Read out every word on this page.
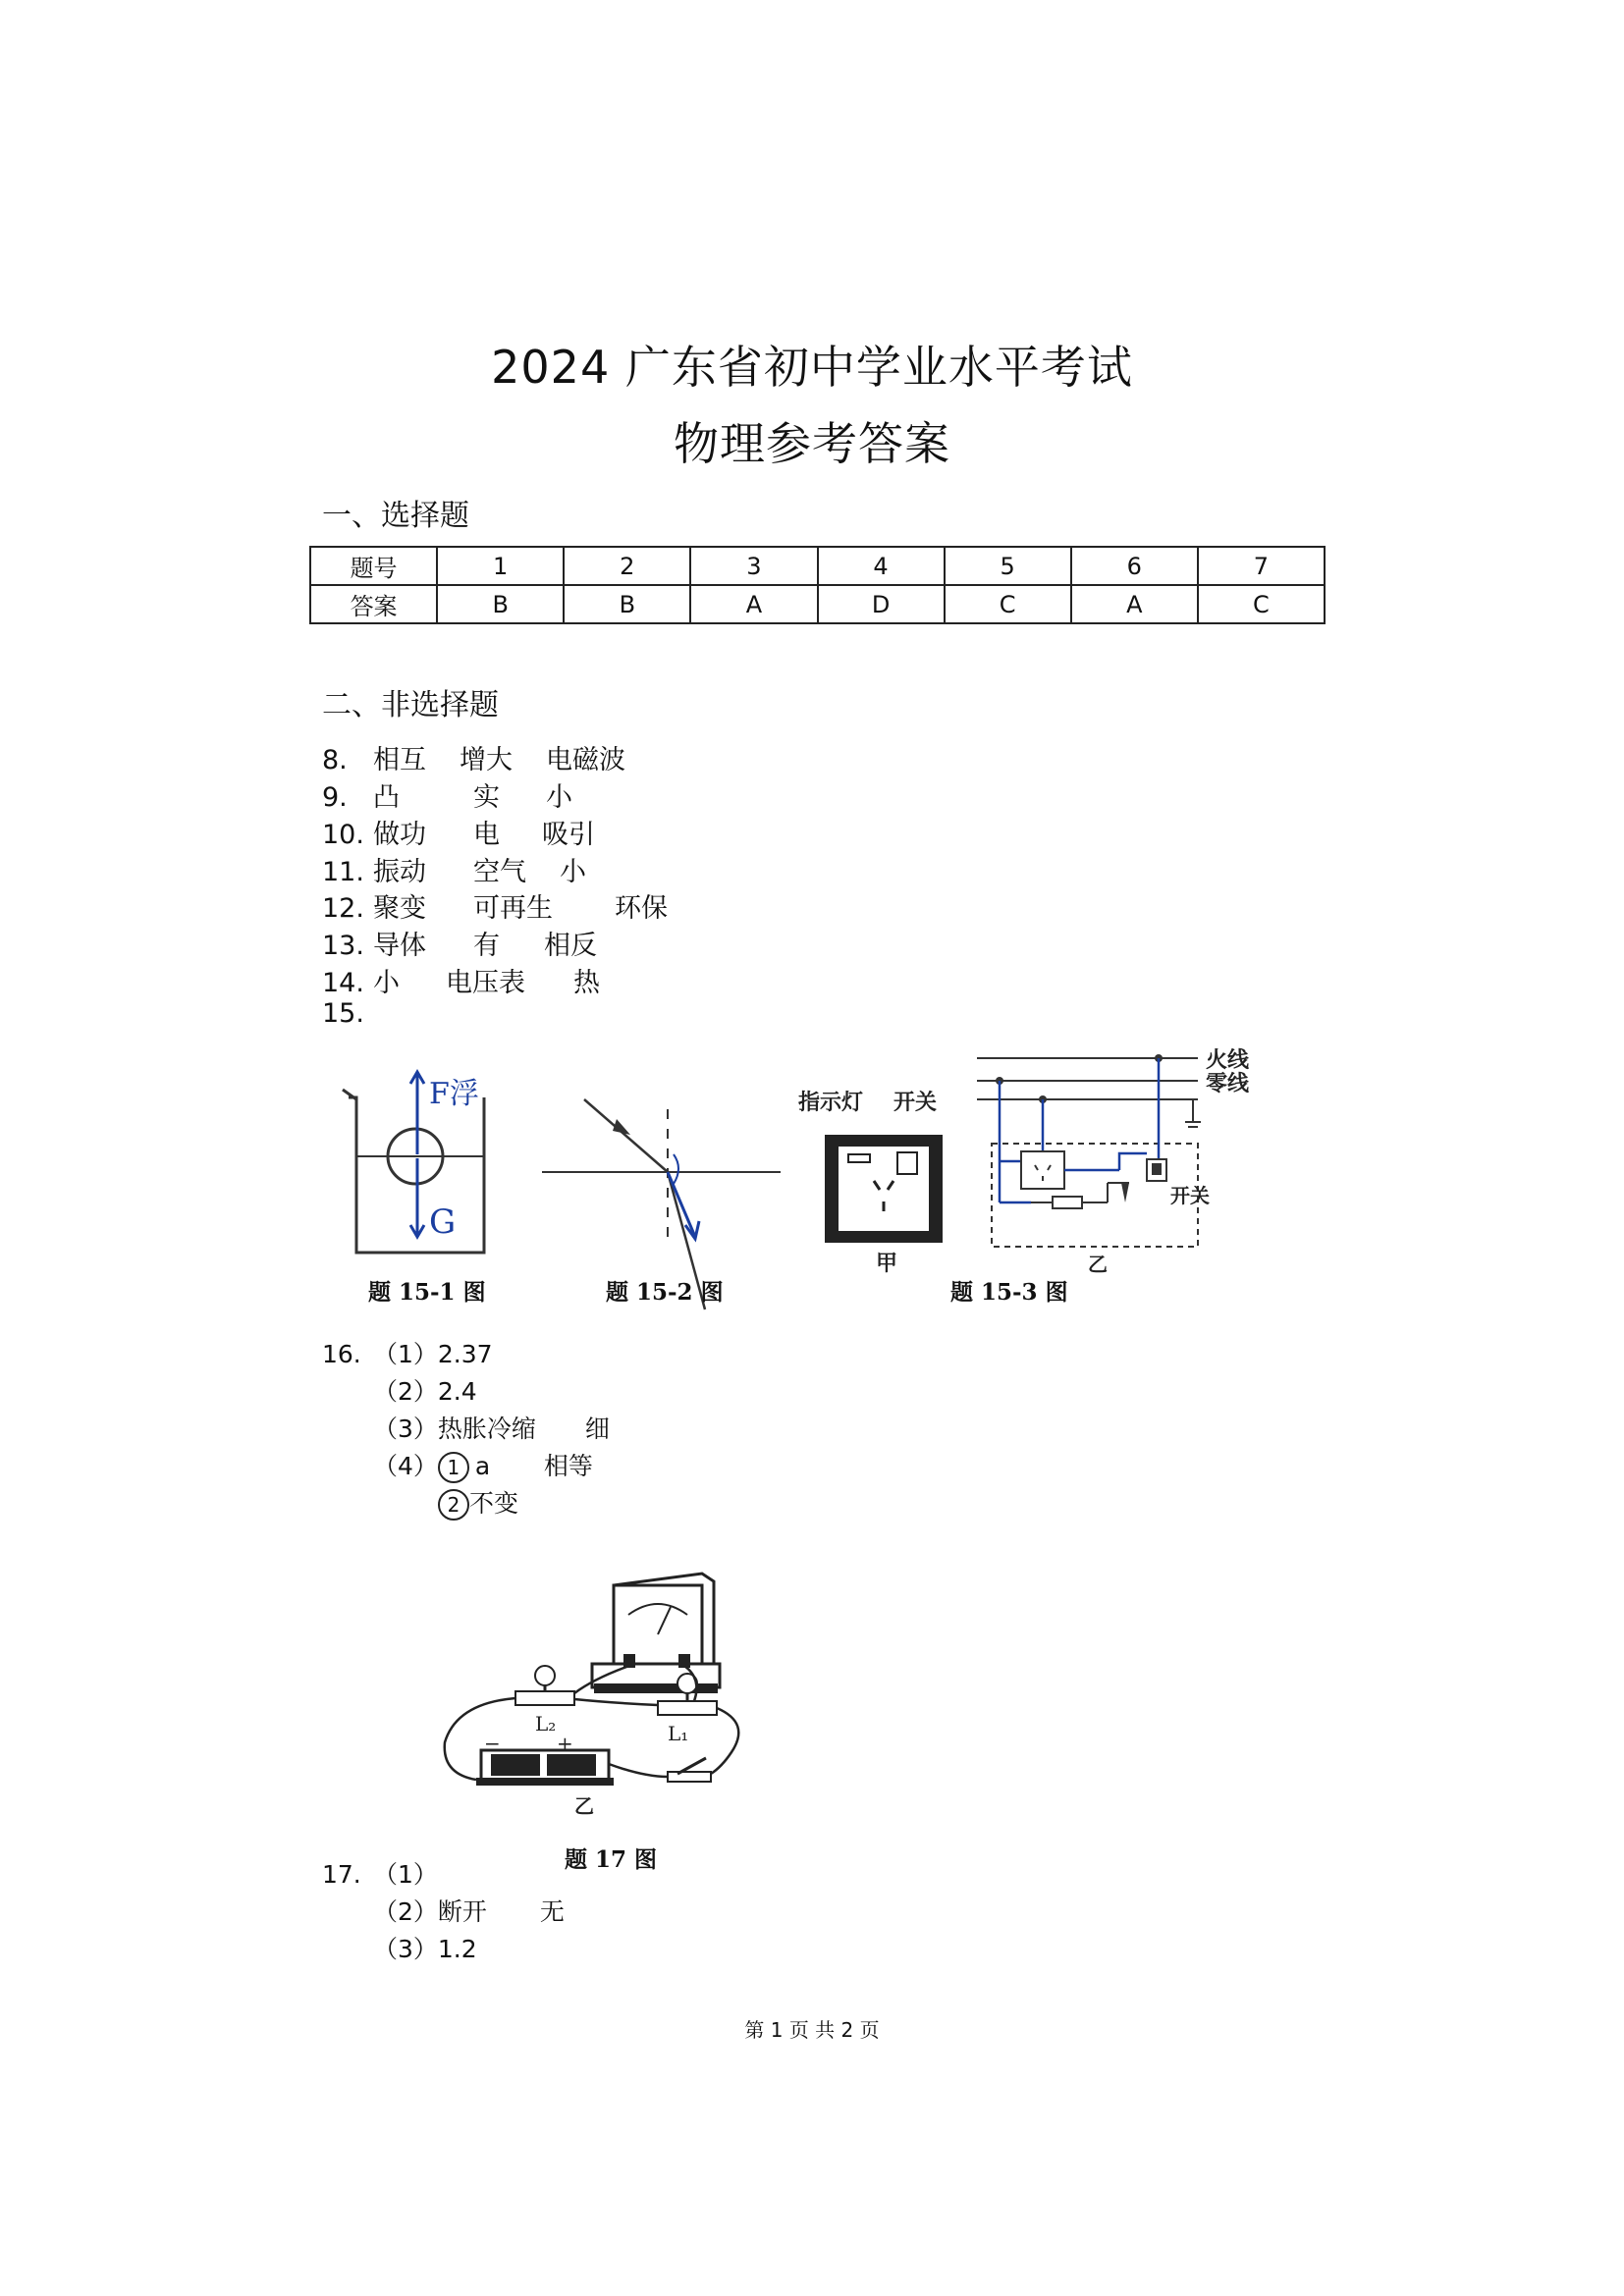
2024 广东省初中学业水平考试
物理参考答案
一、选择题
题号	1	2	3	4	5	6	7
答案	B	B	A	D	C	A	C
二、非选择题
8. 相互 增大 电磁波
9. 凸	实 小
10. 做功 电 吸引
11. 振动 空气 小
12. 聚变 可再生 环保
13. 导体 有 相反
14. 小 电压表 热
15.
F浮
G
题 15-1 图	题 15-2 图
指示灯 开关
甲
火线
零线
开关
乙
题 15-3 图
16. （1）2.37
（2）2.4
（3）热胀冷缩 细
（4） 1 a 相等
2 不变
L₂	L₁
−	+
乙
题 17 图
17. （1）
（2）断开 无
（3）1.2
第 1 页 共 2 页
